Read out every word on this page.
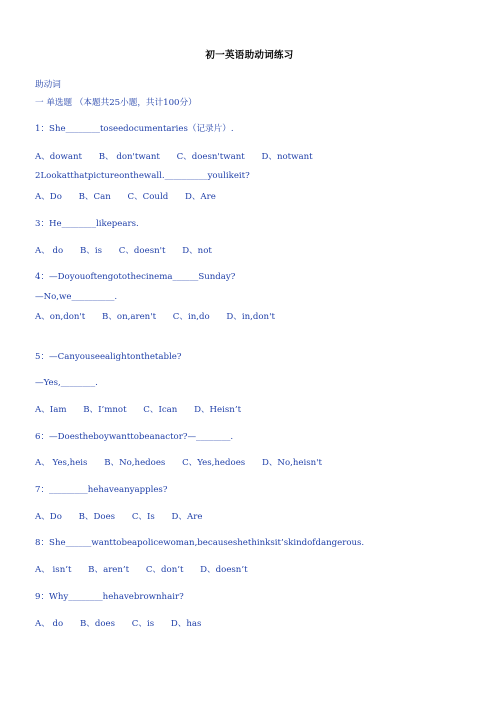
初一英语助动词练习
助动词
一 单选题 （本题共25小题，共计100分）
1：She________toseedocumentaries（记录片）.
A、dowant B、 don'twant C、doesn'twant D、notwant
2Lookatthatpictureonthewall.__________youlikeit?
A、Do B、Can C、Could D、Are
3：He________likepears.
A、 do B、is C、doesn't D、not
4：—Doyouoftengotothecinema______Sunday?
—No,we__________.
A、on,don't B、on,aren't C、in,do D、in,don't
5：—Canyouseealightonthetable?
—Yes,________.
A、Iam B、I’mnot C、Ican D、Heisn’t
6：—Doestheboywanttobeanactor?—________.
A、 Yes,heis B、No,hedoes C、Yes,hedoes D、No,heisn't
7：_________hehaveanyapples?
A、Do B、Does C、Is D、Are
8：She______wanttobeapolicewoman,becauseshethinksit’skindofdangerous.
A、 isn’t B、aren’t C、don’t D、doesn’t
9：Why________hehavebrownhair?
A、 do B、does C、is D、has
